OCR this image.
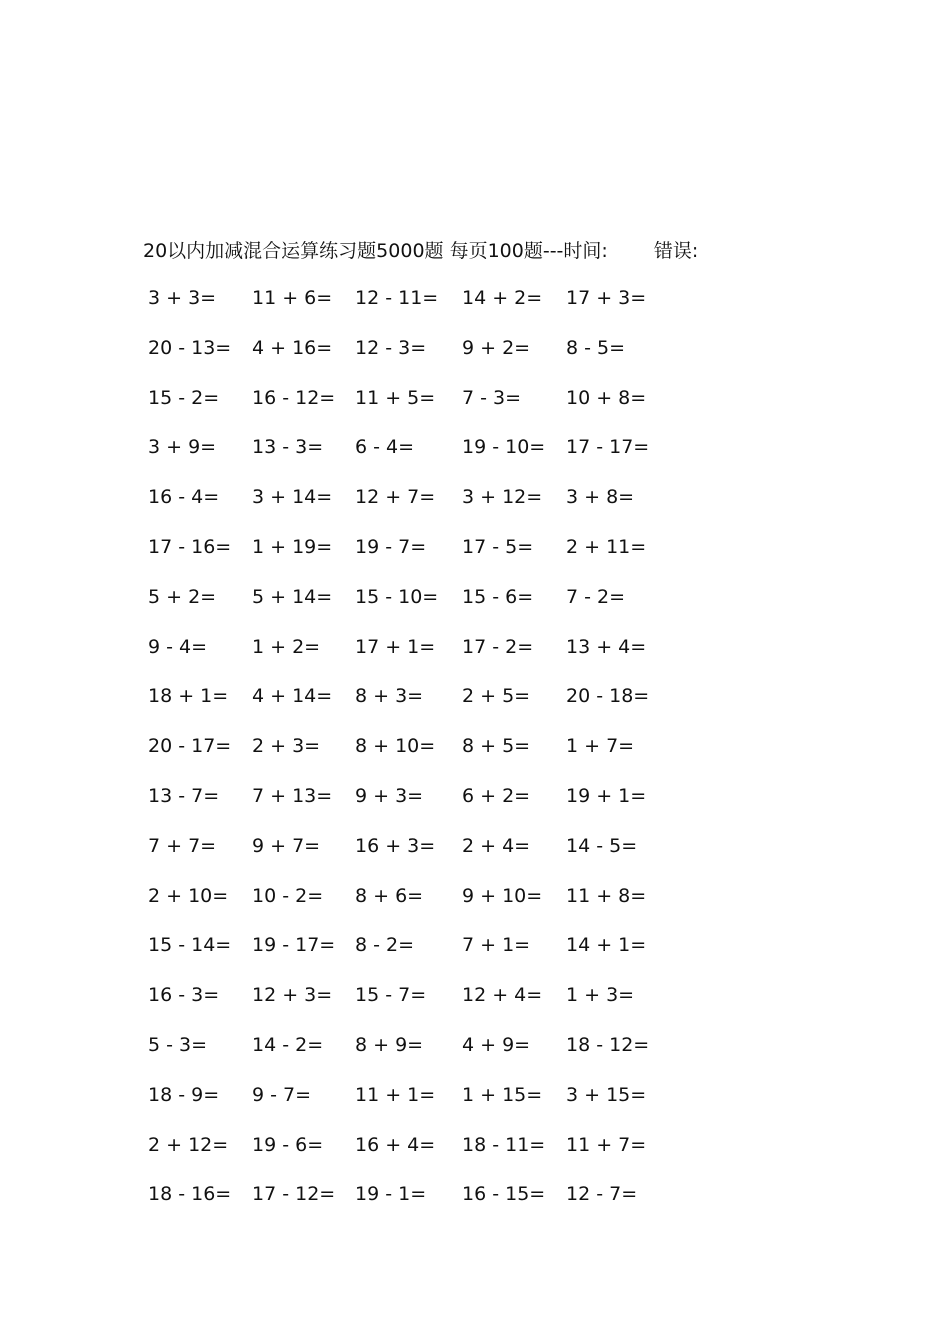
20以内加减混合运算练习题5000题 每页100题---时间: 错误:
3 + 3= 11 + 6= 12 - 11= 14 + 2= 17 + 3=
20 - 13= 4 + 16= 12 - 3= 9 + 2= 8 - 5=
15 - 2= 16 - 12= 11 + 5= 7 - 3= 10 + 8=
3 + 9= 13 - 3= 6 - 4=	19 - 10= 17 - 17=
16 - 4= 3 + 14= 12 + 7= 3 + 12= 3 + 8=
17 - 16= 1 + 19= 19 - 7= 17 - 5= 2 + 11=
5 + 2= 5 + 14= 15 - 10= 15 - 6= 7 - 2=
9 - 4= 1 + 2= 17 + 1= 17 - 2= 13 + 4=
18 + 1= 4 + 14= 8 + 3= 2 + 5= 20 - 18=
20 - 17= 2 + 3= 8 + 10= 8 + 5= 1 + 7=
13 - 7= 7 + 13= 9 + 3= 6 + 2= 19 + 1=
7 + 7= 9 + 7= 16 + 3= 2 + 4= 14 - 5=
2 + 10= 10 - 2= 8 + 6= 9 + 10= 11 + 8=
15 - 14= 19 - 17= 8 - 2=	7 + 1= 14 + 1=
16 - 3= 12 + 3= 15 - 7= 12 + 4= 1 + 3=
5 - 3= 14 - 2= 8 + 9= 4 + 9= 18 - 12=
18 - 9= 9 - 7= 11 + 1= 1 + 15= 3 + 15=
2 + 12= 19 - 6= 16 + 4= 18 - 11= 11 + 7=
18 - 16= 17 - 12= 19 - 1= 16 - 15= 12 - 7=
